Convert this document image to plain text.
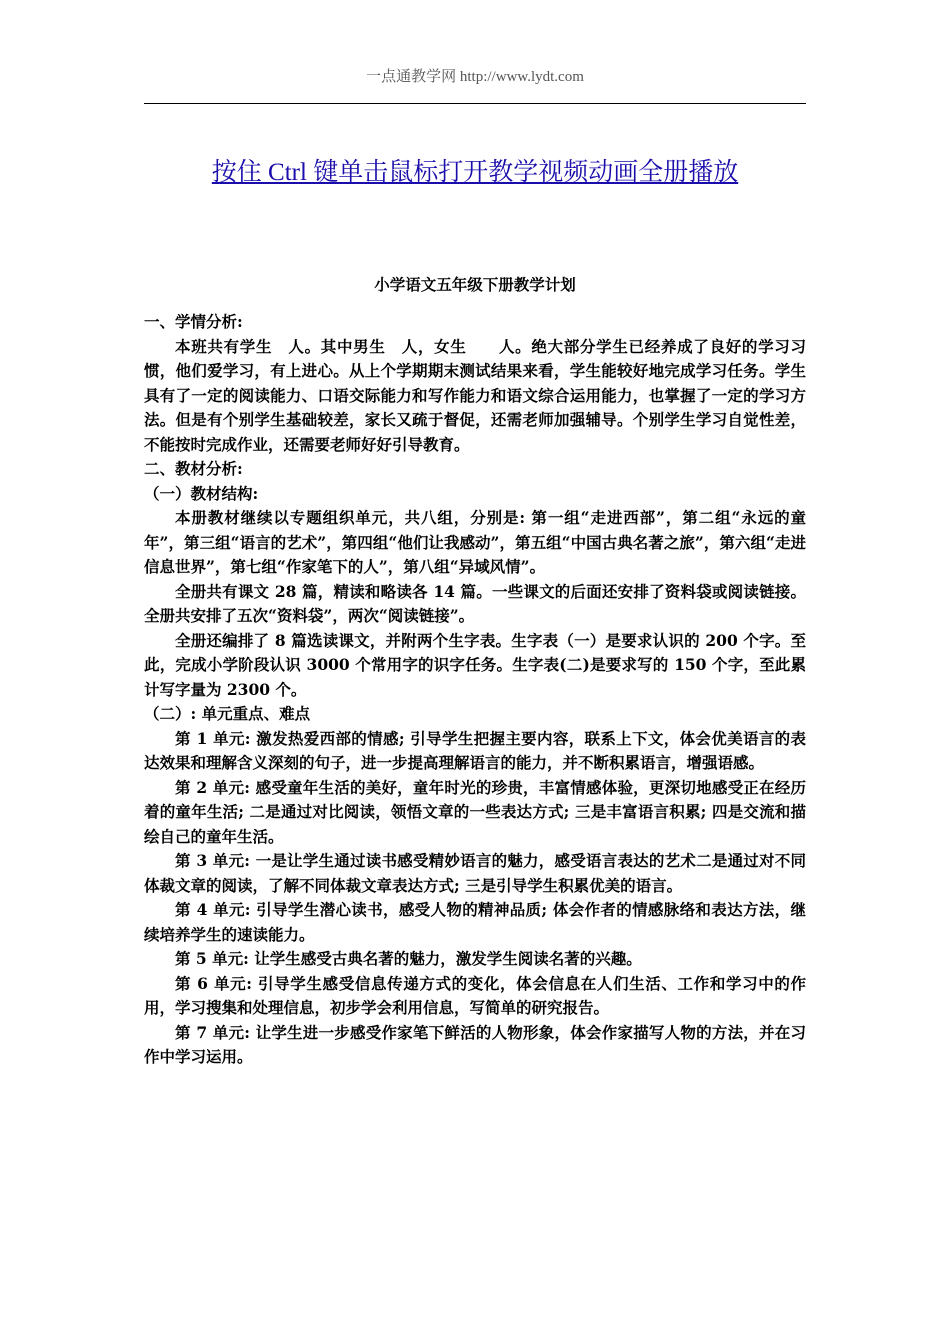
一点通教学网 http://www.lydt.com
按住 Ctrl 键单击鼠标打开教学视频动画全册播放
小学语文五年级下册教学计划

一、学情分析:

本班共有学生　人。其中男生　人，女生　　人。绝大部分学生已经养成了良好的学习习惯，他们爱学习，有上进心。从上个学期期末测试结果来看，学生能较好地完成学习任务。学生具有了一定的阅读能力、口语交际能力和写作能力和语文综合运用能力，也掌握了一定的学习方法。但是有个别学生基础较差，家长又疏于督促，还需老师加强辅导。个别学生学习自觉性差，不能按时完成作业，还需要老师好好引导教育。

二、教材分析:

（一）教材结构:

本册教材继续以专题组织单元，共八组，分别是: 第一组“走进西部”，第二组“永远的童年”，第三组“语言的艺术”，第四组“他们让我感动”，第五组“中国古典名著之旅”，第六组“走进信息世界”，第七组“作家笔下的人”，第八组“异域风情”。

全册共有课文 28 篇，精读和略读各 14 篇。一些课文的后面还安排了资料袋或阅读链接。全册共安排了五次“资料袋”，两次“阅读链接”。

全册还编排了 8 篇选读课文，并附两个生字表。生字表（一）是要求认识的 200 个字。至此，完成小学阶段认识 3000 个常用字的识字任务。生字表(二)是要求写的 150 个字，至此累计写字量为 2300 个。

（二）: 单元重点、难点

第 1 单元: 激发热爱西部的情感; 引导学生把握主要内容，联系上下文，体会优美语言的表达效果和理解含义深刻的句子，进一步提高理解语言的能力，并不断积累语言，增强语感。

第 2 单元: 感受童年生活的美好，童年时光的珍贵，丰富情感体验，更深切地感受正在经历着的童年生活; 二是通过对比阅读，领悟文章的一些表达方式; 三是丰富语言积累; 四是交流和描绘自己的童年生活。

第 3 单元: 一是让学生通过读书感受精妙语言的魅力，感受语言表达的艺术二是通过对不同体裁文章的阅读，了解不同体裁文章表达方式; 三是引导学生积累优美的语言。

第 4 单元: 引导学生潜心读书，感受人物的精神品质; 体会作者的情感脉络和表达方法，继续培养学生的速读能力。

第 5 单元: 让学生感受古典名著的魅力，激发学生阅读名著的兴趣。

第 6 单元: 引导学生感受信息传递方式的变化，体会信息在人们生活、工作和学习中的作用，学习搜集和处理信息，初步学会利用信息，写简单的研究报告。

第 7 单元: 让学生进一步感受作家笔下鲜活的人物形象，体会作家描写人物的方法，并在习作中学习运用。
